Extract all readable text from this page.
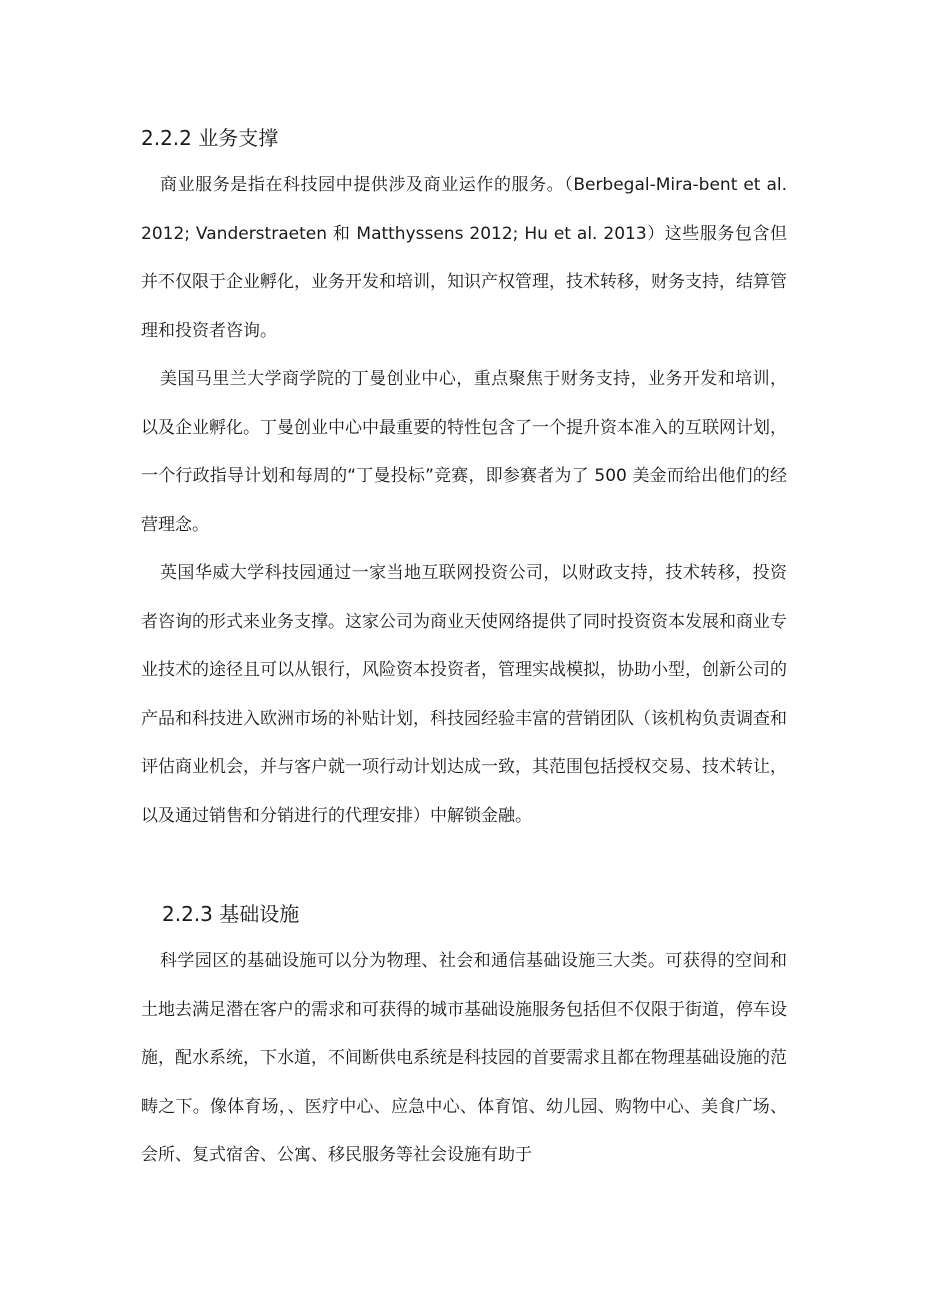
2.2.2 业务支撑

商业服务是指在科技园中提供涉及商业运作的服务。（Berbegal-Mira-bent et al. 2012; Vanderstraeten 和 Matthyssens 2012; Hu et al. 2013）这些服务包含但并不仅限于企业孵化，业务开发和培训，知识产权管理，技术转移，财务支持，结算管理和投资者咨询。

美国马里兰大学商学院的丁曼创业中心，重点聚焦于财务支持，业务开发和培训，以及企业孵化。丁曼创业中心中最重要的特性包含了一个提升资本准入的互联网计划，一个行政指导计划和每周的“丁曼投标”竞赛，即参赛者为了 500 美金而给出他们的经营理念。

英国华威大学科技园通过一家当地互联网投资公司，以财政支持，技术转移，投资者咨询的形式来业务支撑。这家公司为商业天使网络提供了同时投资资本发展和商业专业技术的途径且可以从银行，风险资本投资者，管理实战模拟，协助小型，创新公司的产品和科技进入欧洲市场的补贴计划，科技园经验丰富的营销团队（该机构负责调查和评估商业机会，并与客户就一项行动计划达成一致，其范围包括授权交易、技术转让，以及通过销售和分销进行的代理安排）中解锁金融。

2.2.3 基础设施

科学园区的基础设施可以分为物理、社会和通信基础设施三大类。可获得的空间和土地去满足潜在客户的需求和可获得的城市基础设施服务包括但不仅限于街道，停车设施，配水系统，下水道，不间断供电系统是科技园的首要需求且都在物理基础设施的范畴之下。像体育场，、医疗中心、应急中心、体育馆、幼儿园、购物中心、美食广场、会所、复式宿舍、公寓、移民服务等社会设施有助于
